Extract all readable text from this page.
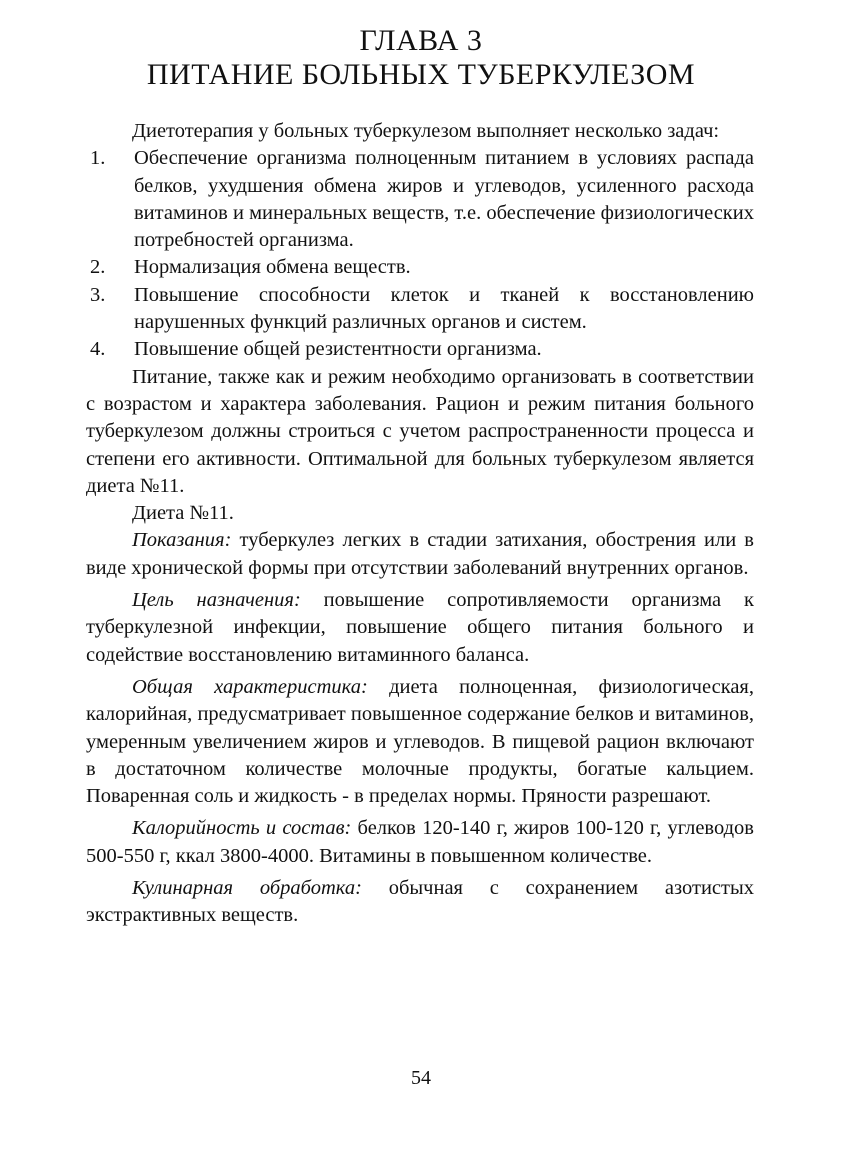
ГЛАВА 3
ПИТАНИЕ БОЛЬНЫХ ТУБЕРКУЛЕЗОМ

Диетотерапия у больных туберкулезом выполняет несколько задач:

1. Обеспечение организма полноценным питанием в условиях распада белков, ухудшения обмена жиров и углеводов, усиленного расхода витаминов и минеральных веществ, т.е. обеспечение физиологических потребностей организма.
2. Нормализация обмена веществ.
3. Повышение способности клеток и тканей к восстановлению нарушенных функций различных органов и систем.
4. Повышение общей резистентности организма.

Питание, также как и режим необходимо организовать в соответствии с возрастом и характера заболевания. Рацион и режим питания больного туберкулезом должны строиться с учетом распространенности процесса и степени его активности. Оптимальной для больных туберкулезом является диета №11.

Диета №11.

Показания: туберкулез легких в стадии затихания, обострения или в виде хронической формы при отсутствии заболеваний внутренних органов.

Цель назначения: повышение сопротивляемости организма к туберкулезной инфекции, повышение общего питания больного и содействие восстановлению витаминного баланса.

Общая характеристика: диета полноценная, физиологическая, калорийная, предусматривает повышенное содержание белков и витаминов, умеренным увеличением жиров и углеводов. В пищевой рацион включают в достаточном количестве молочные продукты, богатые кальцием. Поваренная соль и жидкость - в пределах нормы. Пряности разрешают.

Калорийность и состав: белков 120-140 г, жиров 100-120 г, углеводов 500-550 г, ккал 3800-4000. Витамины в повышенном количестве.

Кулинарная обработка: обычная с сохранением азотистых экстрактивных веществ.

54
